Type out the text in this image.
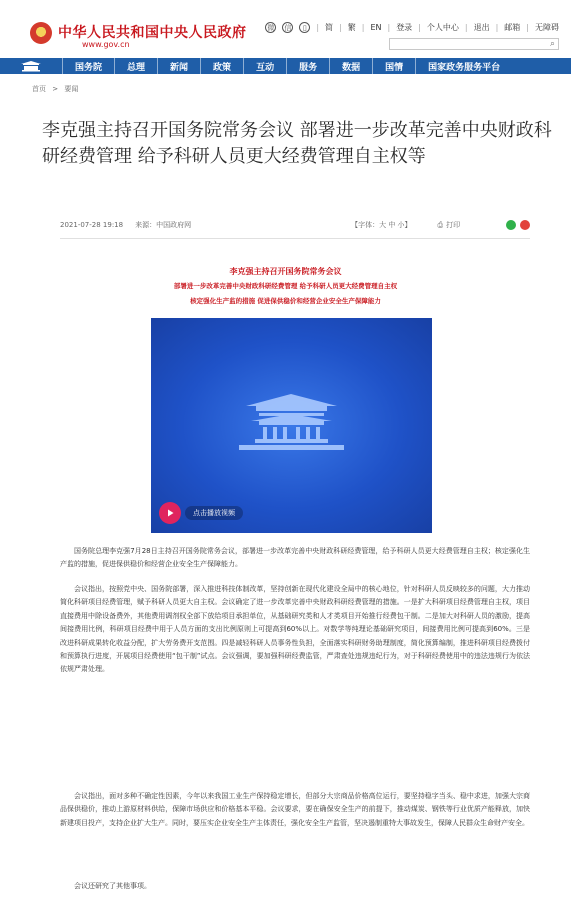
中华人民共和国中央人民政府
www.gov.cn
微 信	▯	| 简 | 繁 | EN | 登录 | 个人中心 | 退出 | 邮箱 | 无障碍
⌕
国务院	总理	新闻	政策	互动	服务	数据	国情	国家政务服务平台
首页 > 要闻
李克强主持召开国务院常务会议 部署进一步改革完善中央财政科研经费管理 给予科研人员更大经费管理自主权等
2021-07-28 19:18 来源：中国政府网	【字体：大 中 小】	⎙ 打印
李克强主持召开国务院常务会议
部署进一步改革完善中央财政科研经费管理 给予科研人员更大经费管理自主权
核定强化生产监的措施 促进保供稳价和经营企业安全生产保障能力
点击播放视频

国务院总理李克强7月28日主持召开国务院常务会议，部署进一步改革完善中央财政科研经费管理，给予科研人员更大经费管理自主权；核定强化生产监的措施，促进保供稳价和经营企业安全生产保障能力。

会议指出，按照党中央、国务院部署，深入推进科技体制改革，坚持创新在现代化建设全局中的核心地位，针对科研人员反映较多的问题，大力推动简化科研项目经费管理，赋予科研人员更大自主权。会议确定了进一步改革完善中央财政科研经费管理的措施。一是扩大科研项目经费管理自主权，项目直接费用中除设备费外，其他费用调剂权全部下放给项目承担单位，从基础研究类和人才类项目开始推行经费包干制。二是加大对科研人员的激励，提高间接费用比例，科研项目经费中用于人员方面的支出比例原则上可提高到60%以上。对数学等纯理论基础研究项目，间接费用比例可提高到60%。三是改进科研成果转化收益分配，扩大劳务费开支范围。四是减轻科研人员事务性负担，全面落实科研财务助理制度，简化预算编制，推进科研项目经费拨付和预算执行进度，开展项目经费使用“包干制”试点。会议强调，要加强科研经费监管，严肃查处违规违纪行为，对于科研经费使用中的违法违规行为依法依规严肃处理。

会议指出，面对多种不确定性因素，今年以来我国工业生产保持稳定增长，但部分大宗商品价格高位运行，要坚持稳字当头、稳中求进，加强大宗商品保供稳价，推动上游原材料供给，保障市场供应和价格基本平稳。会议要求，要在确保安全生产的前提下，推动煤炭、钢铁等行业优质产能释放，加快新建项目投产，支持企业扩大生产。同时，要压实企业安全生产主体责任，强化安全生产监管，坚决遏制重特大事故发生，保障人民群众生命财产安全。

会议还研究了其他事项。
